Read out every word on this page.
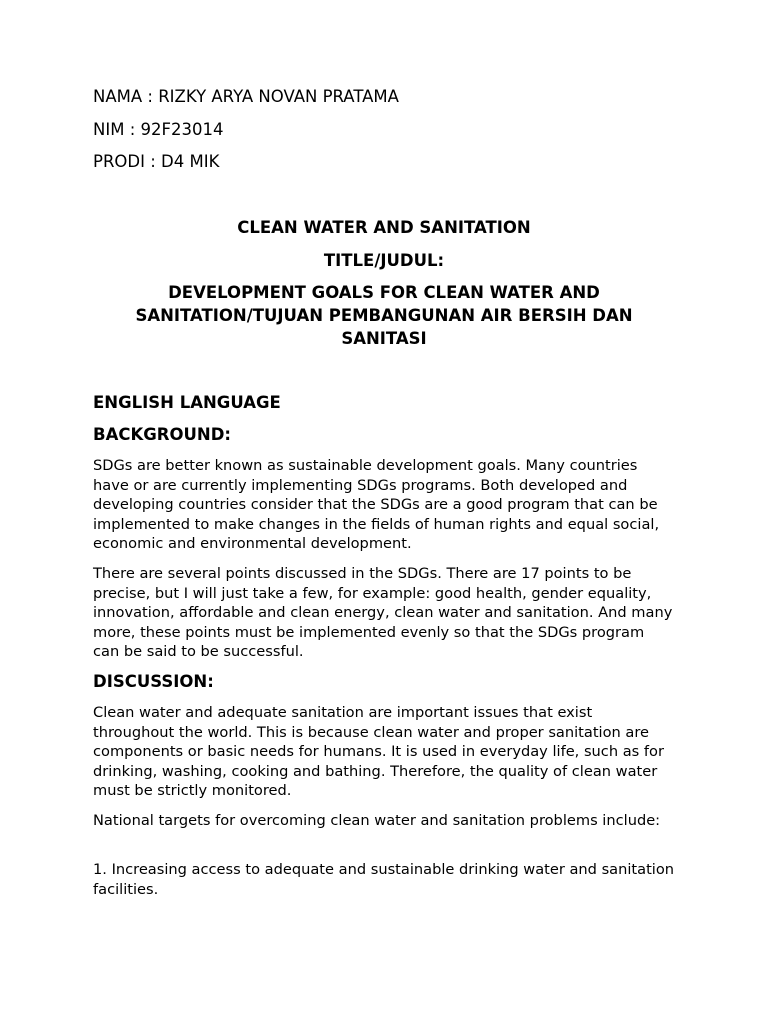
NAMA : RIZKY ARYA NOVAN PRATAMA
NIM : 92F23014
PRODI : D4 MIK
CLEAN WATER AND SANITATION
TITLE/JUDUL:
DEVELOPMENT GOALS FOR CLEAN WATER AND SANITATION/TUJUAN PEMBANGUNAN AIR BERSIH DAN SANITASI
ENGLISH LANGUAGE
BACKGROUND:

SDGs are better known as sustainable development goals. Many countries have or are currently implementing SDGs programs. Both developed and developing countries consider that the SDGs are a good program that can be implemented to make changes in the fields of human rights and equal social, economic and environmental development.

There are several points discussed in the SDGs. There are 17 points to be precise, but I will just take a few, for example: good health, gender equality, innovation, affordable and clean energy, clean water and sanitation. And many more, these points must be implemented evenly so that the SDGs program can be said to be successful.

DISCUSSION:

Clean water and adequate sanitation are important issues that exist throughout the world. This is because clean water and proper sanitation are components or basic needs for humans. It is used in everyday life, such as for drinking, washing, cooking and bathing. Therefore, the quality of clean water must be strictly monitored.

National targets for overcoming clean water and sanitation problems include:

1. Increasing access to adequate and sustainable drinking water and sanitation facilities.
